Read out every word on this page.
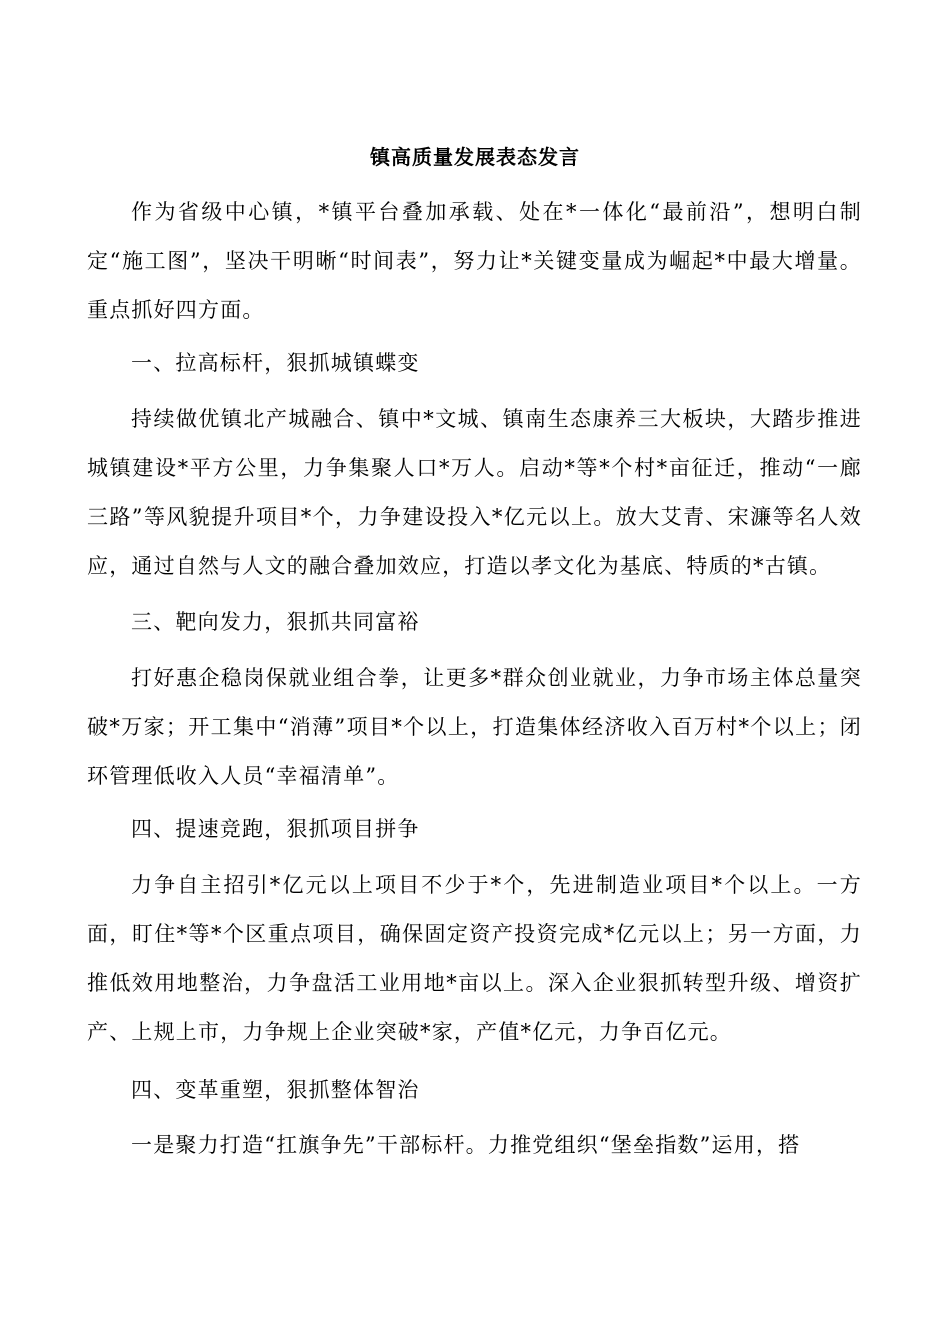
镇高质量发展表态发言

作为省级中心镇，*镇平台叠加承载、处在*一体化“最前沿”，想明白制定“施工图”，坚决干明晰“时间表”，努力让*关键变量成为崛起*中最大增量。重点抓好四方面。

一、拉高标杆，狠抓城镇蝶变

持续做优镇北产城融合、镇中*文城、镇南生态康养三大板块，大踏步推进城镇建设*平方公里，力争集聚人口*万人。启动*等*个村*亩征迁，推动“一廊三路”等风貌提升项目*个，力争建设投入*亿元以上。放大艾青、宋濂等名人效应，通过自然与人文的融合叠加效应，打造以孝文化为基底、特质的*古镇。

三、靶向发力，狠抓共同富裕

打好惠企稳岗保就业组合拳，让更多*群众创业就业，力争市场主体总量突破*万家；开工集中“消薄”项目*个以上，打造集体经济收入百万村*个以上；闭环管理低收入人员“幸福清单”。

四、提速竞跑，狠抓项目拼争

力争自主招引*亿元以上项目不少于*个，先进制造业项目*个以上。一方面，盯住*等*个区重点项目，确保固定资产投资完成*亿元以上；另一方面，力推低效用地整治，力争盘活工业用地*亩以上。深入企业狠抓转型升级、增资扩产、上规上市，力争规上企业突破*家，产值*亿元，力争百亿元。

四、变革重塑，狠抓整体智治

一是聚力打造“扛旗争先”干部标杆。力推党组织“堡垒指数”运用，搭
